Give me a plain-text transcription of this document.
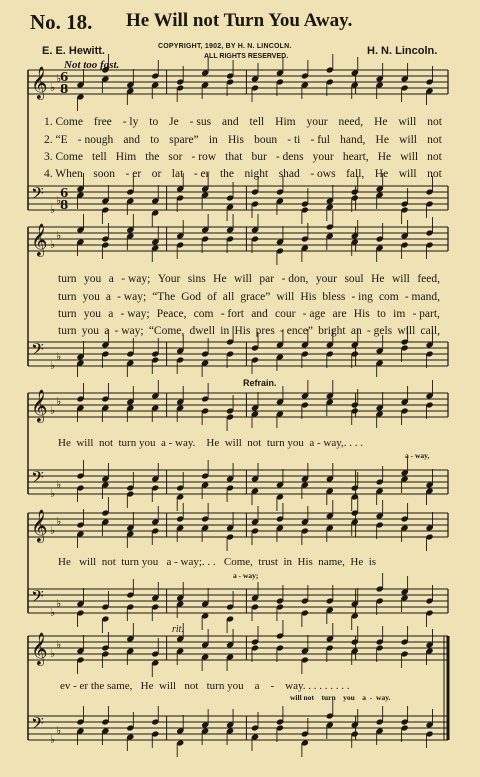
𝄞 ♭
♭
𝄢
♭
♭
𝄞 ♭
♭
𝄢
♭
♭
𝄞 ♭
♭
𝄢
♭
♭
𝄞 ♭
♭
𝄢
♭
♭
𝄞 ♭
♭
𝄢
♭
♭
6
8
6
8
No. 18. He Will not Turn You Away.
COPYRIGHT, 1902, BY H. N. LINCOLN.
ALL RIGHTS RESERVED.
E. E. Hewitt.	H. N. Lincoln.
Not too fast.
1. Come free - ly to Je - sus and tell Him your need, He will not
2. “E - nough and to spare” in His boun - ti - ful hand, He will not
3. Come tell Him the sor - row that bur - dens your heart, He will not
4. When soon - er or lat - er the night shad - ows fall, He will not
turn you a - way; Your sins He will par - don, your soul He will feed,
turn you a - way; “The God of all grace” will His bless - ing com - mand,
turn you a - way; Peace, com - fort and cour - age are His to im - part,
turn you a - way; “Come, dwell in His pres - ence” bright an - gels will call,
Refrain.
He  will  not  turn you  a - way.    He  will  not  turn you  a - way,. . . .
a - way,
He   will  not  turn you   a - way;. . .   Come,  trust  in  His  name,  He  is
a - way;
rit.
ev - er the same,   He  will   not   turn you    a    -    way. . . . . . . . .
will not    turn    you    a  -  way.
